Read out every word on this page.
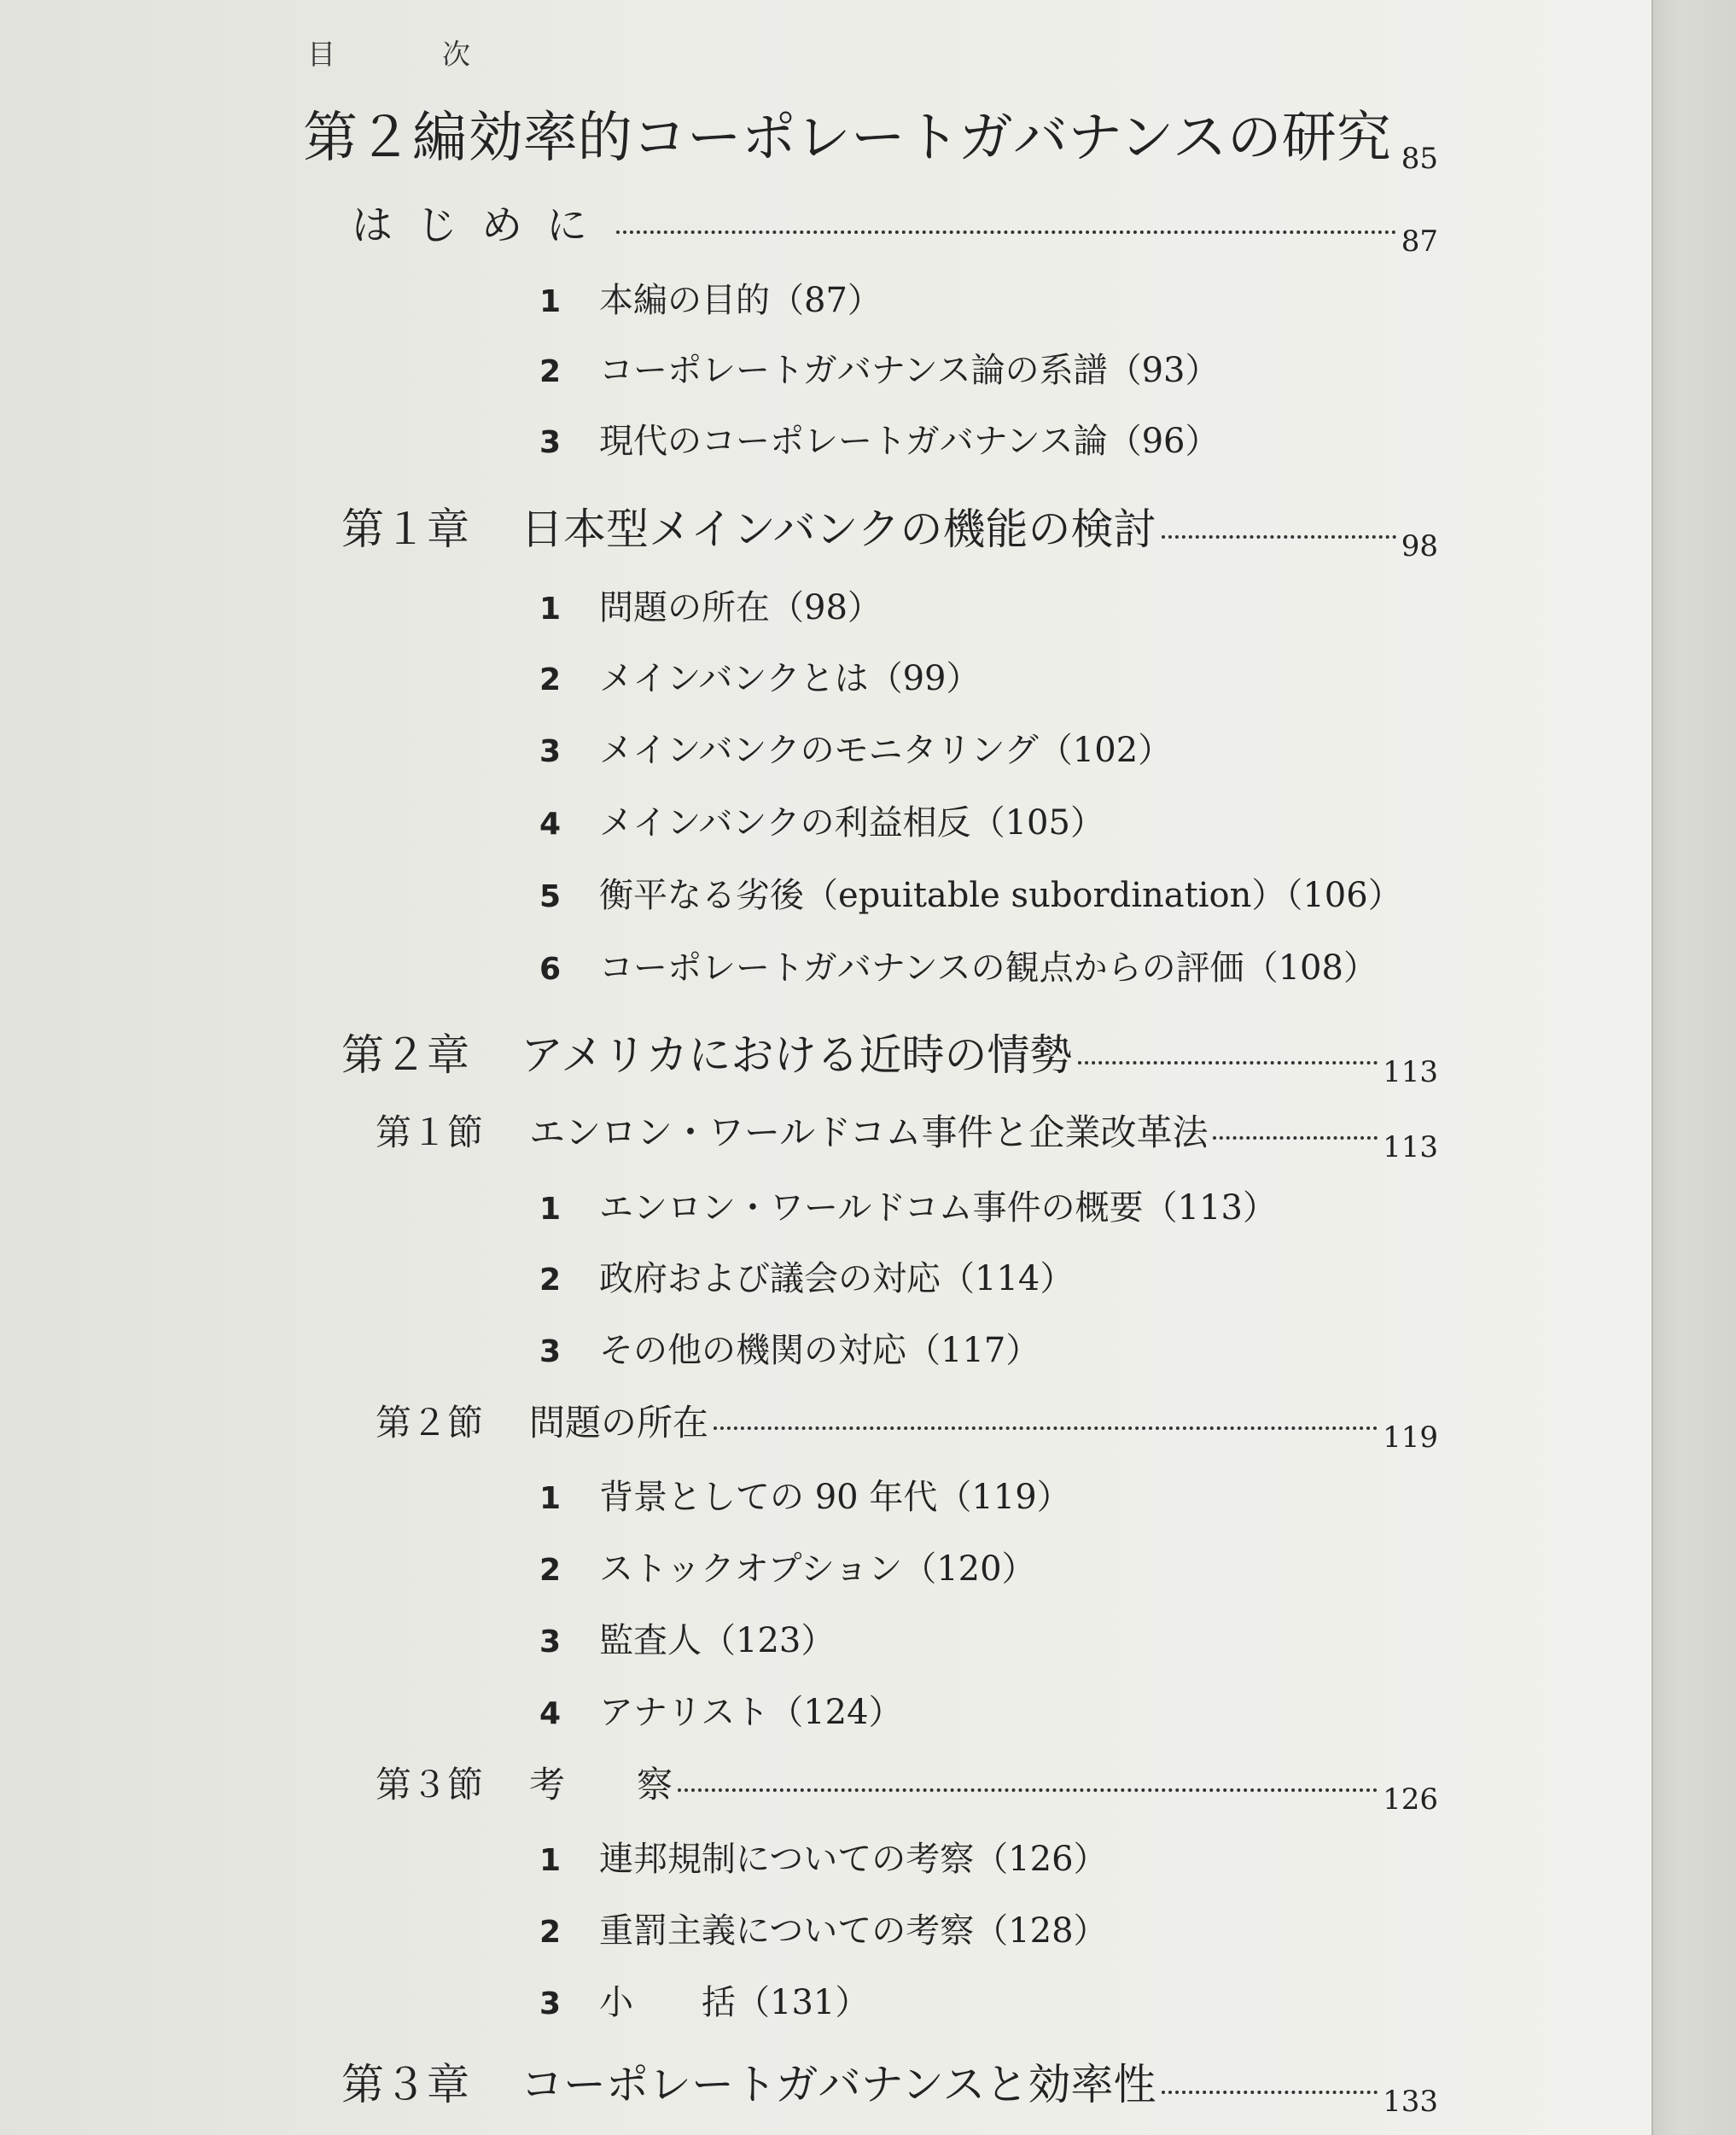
目　次
第２編 効率的コーポレートガバナンスの研究 85
はじめに	87
1	本編の目的（87）
2	コーポレートガバナンス論の系譜（93）
3	現代のコーポレートガバナンス論（96）
第１章	日本型メインバンクの機能の検討	98
1	問題の所在（98）
2	メインバンクとは（99）
3	メインバンクのモニタリング（102）
4	メインバンクの利益相反（105）
5	衡平なる劣後（epuitable subordination）（106）
6	コーポレートガバナンスの観点からの評価（108）
第２章	アメリカにおける近時の情勢	113
第１節	エンロン・ワールドコム事件と企業改革法	113
1	エンロン・ワールドコム事件の概要（113）
2	政府および議会の対応（114）
3	その他の機関の対応（117）
第２節	問題の所在	119
1	背景としての 90 年代（119）
2	ストックオプション（120）
3	監査人（123）
4	アナリスト（124）
第３節	考　　察	126
1	連邦規制についての考察（126）
2	重罰主義についての考察（128）
3	小　　括（131）
第３章	コーポレートガバナンスと効率性	133
